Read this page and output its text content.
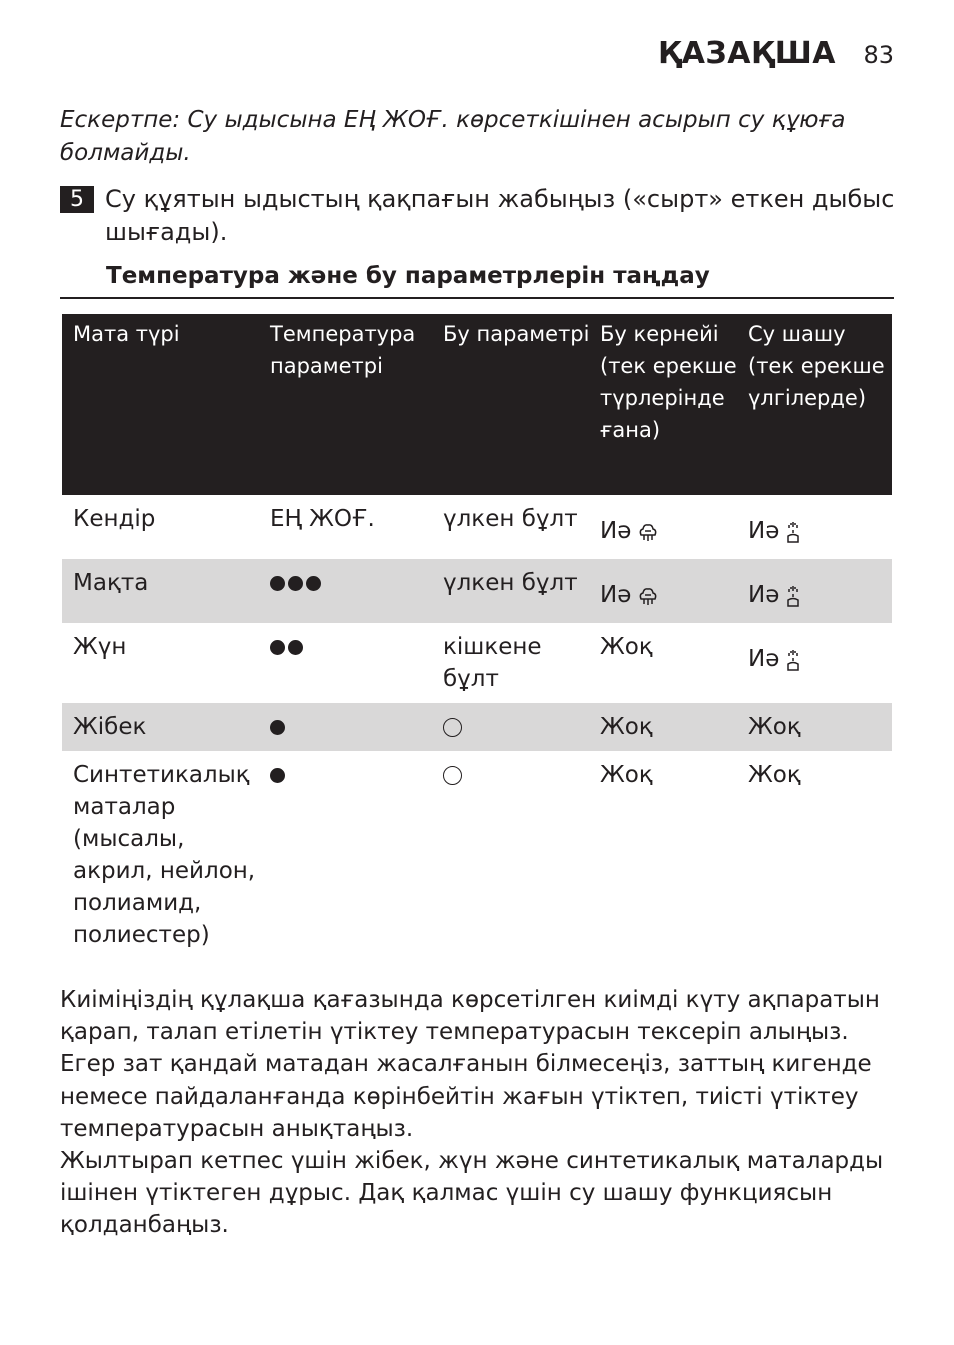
ҚАЗАҚША	83
Ескертпе: Су ыдысына ЕҢ ЖОҒ. көрсеткішінен асырып су құюға болмайды.
5 Су құятын ыдыстың қақпағын жабыңыз («сырт» еткен дыбыс шығады).
Температура және бу параметрлерін таңдау
Мата түрі	Температура параметрі	Бу параметрі	Бу кернейі (тек ерекше түрлерінде ғана)	Су шашу (тек ерекше үлгілерде)
Кендір	ЕҢ ЖОҒ.	үлкен бұлт	Иә	Иә
Мақта		үлкен бұлт	Иә	Иә
Жүн		кішкене бұлт	Жоқ	Иә
Жібек			Жоқ	Жоқ
Синтетикалық маталар (мысалы, акрил, нейлон, полиамид, полиестер)			Жоқ	Жоқ

Киіміңіздің құлақша қағазында көрсетілген киімді күту ақпаратын қарап, талап етілетін үтіктеу температурасын тексеріп алыңыз. Егер зат қандай матадан жасалғанын білмесеңіз, заттың кигенде немесе пайдаланғанда көрінбейтін жағын үтіктеп, тиісті үтіктеу температурасын анықтаңыз.

Жылтырап кетпес үшін жібек, жүн және синтетикалық маталарды ішінен үтіктеген дұрыс. Дақ қалмас үшін су шашу функциясын қолданбаңыз.
